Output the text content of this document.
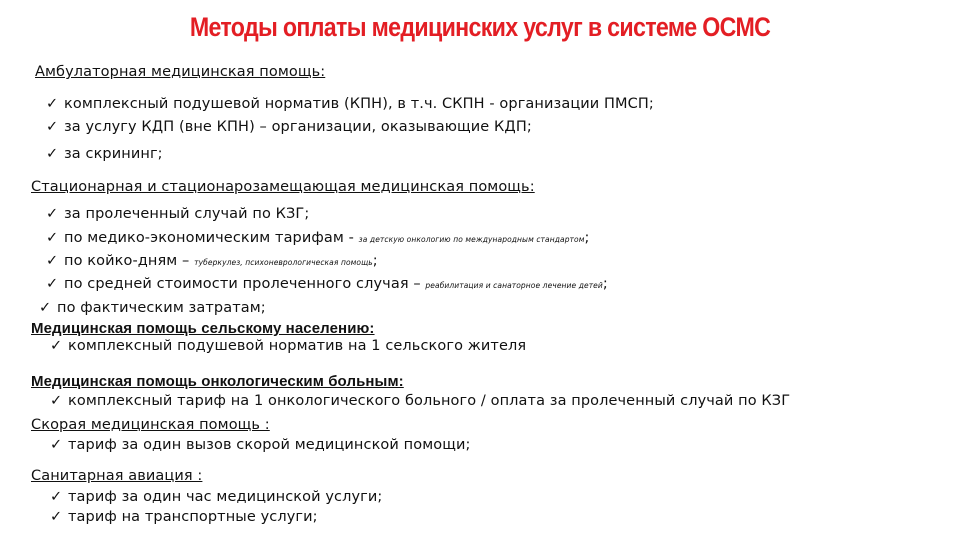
Методы оплаты медицинских услуг в системе ОСМС
Амбулаторная медицинская помощь:
✓ комплексный подушевой норматив (КПН), в т.ч. СКПН - организации ПМСП;
✓ за услугу КДП (вне КПН) – организации, оказывающие КДП;
✓ за скрининг;
Стационарная и стационарозамещающая медицинская помощь:
✓ за пролеченный случай по КЗГ;
✓ по медико-экономическим тарифам - за детскую онкологию по международным стандартом;
✓ по койко-дням – туберкулез, психоневрологическая помощь;
✓ по средней стоимости пролеченного случая – реабилитация и санаторное лечение детей;
✓ по фактическим затратам;
Медицинская помощь сельскому населению:
✓ комплексный подушевой норматив на 1 сельского жителя
Медицинская помощь онкологическим больным:
✓ комплексный тариф на 1 онкологического больного / оплата за пролеченный случай по КЗГ
Скорая медицинская помощь :
✓ тариф за один вызов скорой медицинской помощи;
Санитарная авиация :
✓ тариф за один час медицинской услуги;
✓ тариф на транспортные услуги;
